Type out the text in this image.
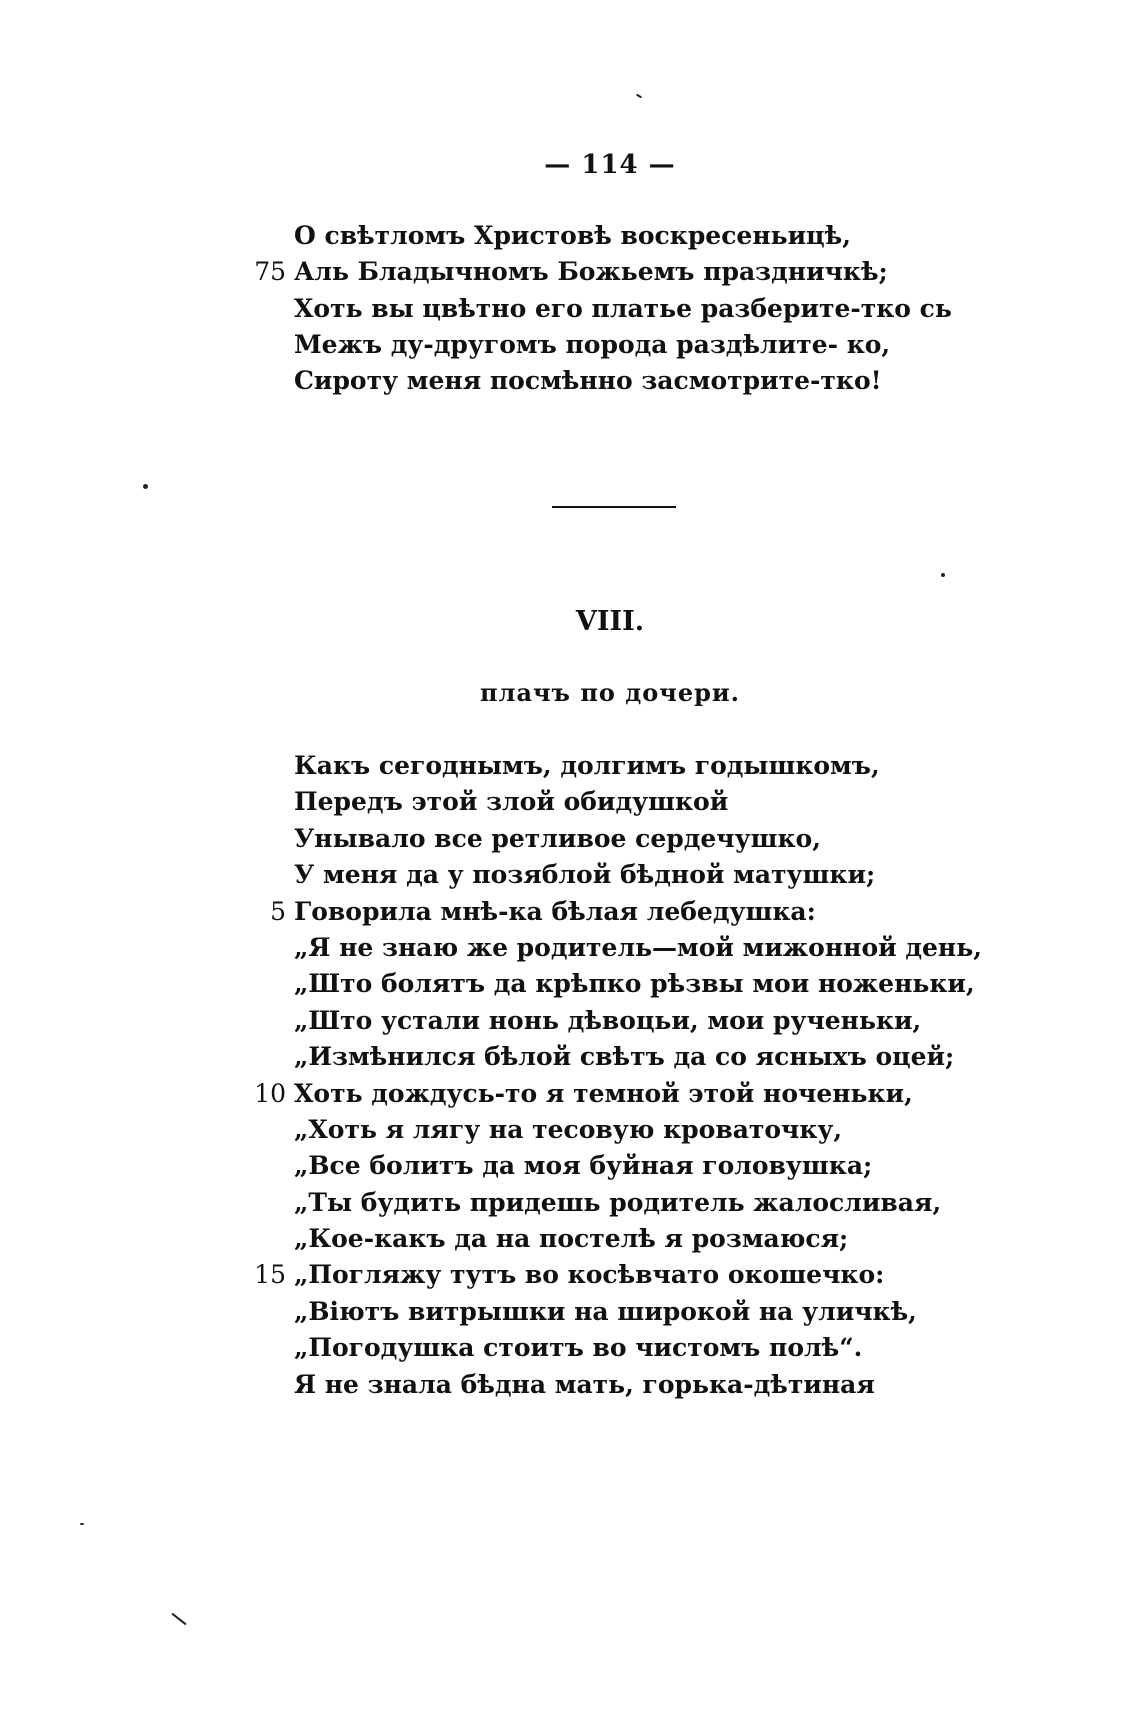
— 114 —
О свѣтломъ Христовѣ воскресеньицѣ,
75 Аль Бладычномъ Божьемъ праздничкѣ;
Хоть вы цвѣтно его платье разберите-тко сь
Межъ ду-другомъ порода раздѣлите- ко,
Сироту меня посмѣнно засмотрите-тко!
VIII.
плачъ по дочери.
Какъ сегоднымъ, долгимъ годышкомъ,
Передъ этой злой обидушкой
Унывало все ретливое сердечушко,
У меня да у позяблой бѣдной матушки;
5 Говорила мнѣ-ка бѣлая лебедушка:
„Я не знаю же родитель—мой мижонной день,
„Што болятъ да крѣпко рѣзвы мои ноженьки,
„Што устали нонь дѣвоцьи, мои рученьки,
„Измѣнился бѣлой свѣтъ да со ясныхъ оцей;
10 Хоть дождусь-то я темной этой ноченьки,
„Хоть я лягу на тесовую кроваточку,
„Все болитъ да моя буйная головушка;
„Ты будить придешь родитель жалосливая,
„Кое-какъ да на постелѣ я розмаюся;
15 „Погляжу тутъ во косѣвчато окошечко:
„Віютъ витрышки на широкой на уличкѣ,
„Погодушка стоитъ во чистомъ полѣ“.
Я не знала бѣдна мать, горька-дѣтиная
